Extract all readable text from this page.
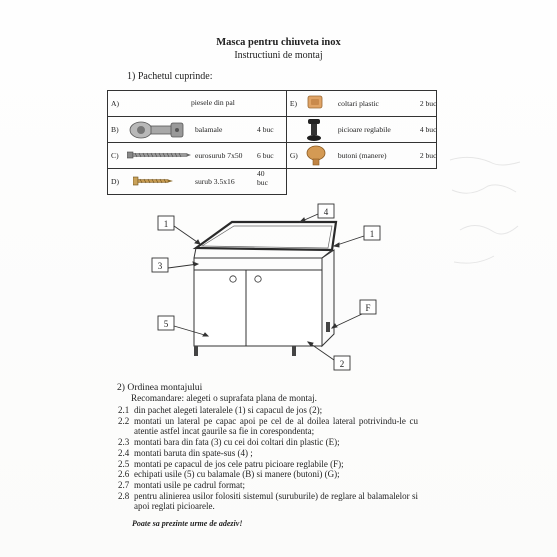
Masca pentru chiuveta inox
Instructiuni de montaj
1) Pachetul cuprinde:
A) piesele din pal	E) coltari plastic 2 buc

B) balamale 4 buc	picioare reglabile 4 buc

C) eurosurub 7x50 6 buc	G) butoni (manere) 2 buc

D) surub 3.5x16
40
buc	

1
4
1
3
F
5
2
2) Ordinea montajului
Recomandare: alegeti o suprafata plana de montaj.
2.1 din pachet alegeti lateralele (1) si capacul de jos (2);
2.2 montati un lateral pe capac apoi pe cel de al doilea lateral potrivindu-le cu atentie astfel incat gaurile sa fie in corespondenta;
2.3 montati bara din fata (3) cu cei doi coltari din plastic (E);
2.4 montati baruta din spate-sus (4) ;
2.5 montati pe capacul de jos cele patru picioare reglabile (F);
2.6 echipati usile (5) cu balamale (B) si manere (butoni) (G);
2.7 montati usile pe cadrul format;
2.8 pentru alinierea usilor folositi sistemul (suruburile) de reglare al balamalelor si apoi reglati picioarele.
Poate sa prezinte urme de adeziv!
